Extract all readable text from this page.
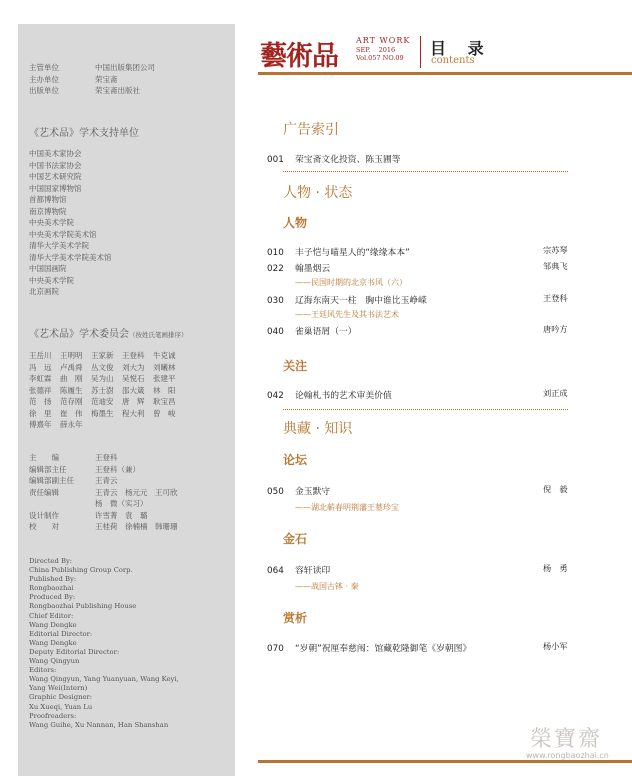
主管单位	中国出版集团公司
主办单位	荣宝斋
出版单位	荣宝斋出版社
《艺术品》学术支持单位
中国美术家协会
中国书法家协会
中国艺术研究院
中国国家博物馆
首都博物馆
南京博物院
中央美术学院
中央美术学院美术馆
清华大学美术学院
清华大学美术学院美术馆
中国国画院
中央美术学院
北京画院
《艺术品》学术委员会（按姓氏笔画排序）
王岳川	王明明	王家新	王登科	牛克诚
冯　远	卢禹舜	丛文俊	刘大为	刘曦林
李虹霖	曲　刚	吴为山	吴悦石	张建平
张德祥	陈履生	苏士澍	邵大箴	林　阳
范　扬	范存刚	范迪安	唐　辉	耿宝昌
徐　里	崔　伟	梅墨生	程大利	曾　峻
傅熹年	薛永年
主　　编	王登科
编辑部主任	王登科（兼）
编辑部副主任	王青云
责任编辑	王青云　杨元元　王可欣
杨　微（实习）
设计制作	许雪菁　袁　璐
校　　对	王桂荷　徐楠楠　韩珊珊
Directed By:
China Publishing Group Corp.
Published By:
Rongbaozhai
Produced By:
Rongbaozhai Publishing House
Chief Editor:
Wang Dengke
Editorial Director:
Wang Dengke
Deputy Editorial Director:
Wang Qingyun
Editors:
Wang Qingyun, Yang Yuanyuan, Wang Keyi,
Yang Wei(Intern)
Graphic Designer:
Xu Xueqi, Yuan Lu
Proofreaders:
Wang Guihe, Xu Nannan, Han Shanshan
藝術品
ART WORK
SEP. 2016
Vol.057 NO.09	目 录
contents
广告索引
001 荣宝斋文化投资、陈玉圃等
人物 · 状态
人物
010 丰子恺与喵星人的“缘缘本本”	宗苏琴
022 翰墨烟云	邹典飞
——民国时期的北京书风（六）
030 辽海东南天一柱　胸中谁比玉峥嵘	王登科
——王廷风先生及其书法艺术
040 雀巢语屑（一）	唐吟方
关注
042 论翰札书的艺术审美价值	刘正成
典藏 · 知识
论坛
050 金玉默守	倪　毅
——湖北蕲春明荆藩王墓珍宝
金石
064 容轩读印	杨　勇
——战国古钵 · 秦
赏析
070 “岁朝”祝厘奉慈闱：馆藏乾隆御笔《岁朝图》	杨小军
榮寶齋
www.rongbaozhai.cn
